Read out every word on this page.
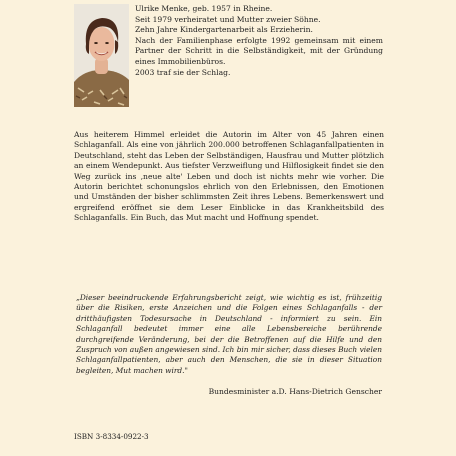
Ulrike Menke, geb. 1957 in Rheine.

Seit 1979 verheiratet und Mutter zweier Söhne.

Zehn Jahre Kindergartenarbeit als Erzieherin.

Nach der Familienphase erfolgte 1992 gemeinsam mit einem Partner der Schritt in die Selbständigkeit, mit der Gründung eines Immobilienbüros.

2003 traf sie der Schlag.

Aus heiterem Himmel erleidet die Autorin im Alter von 45 Jahren einen Schlaganfall. Als eine von jährlich 200.000 betroffenen Schlaganfallpatienten in Deutschland, steht das Leben der Selbständigen, Hausfrau und Mutter plötzlich an einem Wendepunkt. Aus tiefster Verzweiflung und Hilflosigkeit findet sie den Weg zurück ins ‚neue alte' Leben und doch ist nichts mehr wie vorher. Die Autorin berichtet schonungslos ehrlich von den Erlebnissen, den Emotionen und Umständen der bisher schlimmsten Zeit ihres Lebens. Bemerkenswert und ergreifend eröffnet sie dem Leser Einblicke in das Krankheitsbild des Schlaganfalls. Ein Buch, das Mut macht und Hoffnung spendet.
„Dieser beeindruckende Erfahrungsbericht zeigt, wie wichtig es ist, frühzeitig über die Risiken, erste Anzeichen und die Folgen eines Schlaganfalls - der dritthäufigsten Todesursache in Deutschland - informiert zu sein. Ein Schlaganfall bedeutet immer eine alle Lebensbereiche berührende durchgreifende Veränderung, bei der die Betroffenen auf die Hilfe und den Zuspruch von außen angewiesen sind. Ich bin mir sicher, dass dieses Buch vielen Schlaganfallpatienten, aber auch den Menschen, die sie in dieser Situation begleiten, Mut machen wird."
Bundesminister a.D. Hans-Dietrich Genscher
ISBN 3-8334-0922-3
